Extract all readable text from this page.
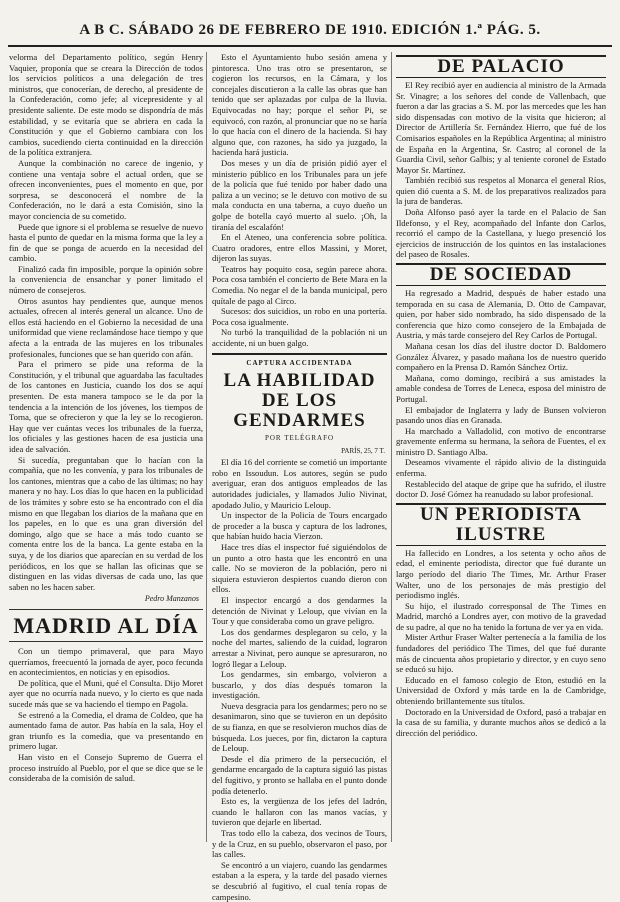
A B C. SÁBADO 26 DE FEBRERO DE 1910. EDICIÓN 1.ª PÁG. 5.

velorma del Departamento político, según Henry Vaquier, proponía que se creara la Dirección de todos los servicios políticos a una delegación de tres ministros, que conocerían, de derecho, al presidente de la Confederación, como jefe; al vicepresidente y al presidente saliente. De este modo se dispondría de más estabilidad, y se evitaría que se abriera en cada la Constitución y que el Gobierno cambiara con los cambios, sucediendo cierta continuidad en la dirección de la política extranjera.

Aunque la combinación no carece de ingenio, y contiene una ventaja sobre el actual orden, que se ofrecen inconvenientes, pues el momento en que, por sorpresa, se desconocerá el nombre de la Confederación, no le dará a esta Comisión, sino la mayor conciencia de su cometido.

Puede que ignore si el problema se resuelve de nuevo hasta el punto de quedar en la misma forma que la ley a fin de que se ponga de acuerdo en la necesidad del cambio.

Finalizó cada fin imposible, porque la opinión sobre la conveniencia de ensanchar y poner limitado el número de consejeros.

Otros asuntos hay pendientes que, aunque menos actuales, ofrecen al interés general un alcance. Uno de ellos está haciendo en el Gobierno la necesidad de una uniformidad que viene reclamándose hace tiempo y que afecta a la entrada de las mujeres en los tribunales profesionales, funciones que se han querido con afán.

Para el primero se pide una reforma de la Constitución, y el tribunal que aguardaba las facultades de los cantones en Justicia, cuando los dos se aquí presenten. De esta manera tampoco se le da por la tendencia a la intención de los jóvenes, los tiempos de Torna, que se ofrecieron y que la ley se lo recogieron. Hay que ver cuántas veces los tribunales de la fuerza, los oficiales y las gestiones hacen de esa justicia una idea de salvación.

Si sucedía, preguntaban que lo hacían con la compañía, que no les convenía, y para los tribunales de los cantones, mientras que a cabo de las últimas; no hay manera y no hay. Los días lo que hacen en la publicidad de los trámites y sobre esto se ha encontrado con el día mismo en que llegaban los diarios de la mañana que en los papeles, en lo que es una gran diversión del domingo, algo que se hace a más todo cuanto se comenta entre los de la banca. La gente estaba en la suya, y de los diarios que aparecían en su verdad de los periódicos, en los que se hallan las oficinas que se distinguen en las vidas diversas de cada uno, las que saben no les hacen saber.

Pedro Manzanos
MADRID AL DÍA

Con un tiempo primaveral, que para Mayo querríamos, freecuentó la jornada de ayer, poco fecunda en acontecimientos, en noticias y en episodios.

De política, que el Muni, qué el Consulta. Dijo Moret ayer que no ocurría nada nuevo, y lo cierto es que nada sucede más que se va haciendo el tiempo en Pagola.

Se estrenó a la Comedia, el drama de Coldeo, que ha aumentado fama de autor. Pas había en la sala, Hoy el gran triunfo es la comedia, que va presentando en primero lugar.

Han visto en el Consejo Supremo de Guerra el proceso instruído al Pueblo, por el que se dice que se le consideraba de la comisión de salud.

Esto el Ayuntamiento hubo sesión amena y pintoresca. Uno tras otro se presentaron, se cogieron los recursos, en la Cámara, y los concejales discutieron a la calle las obras que han tenido que ser aplazadas por culpa de la lluvia. Equivocadas no hay; porque el señor Pi, se equivocó, con razón, al pronunciar que no se haría lo que hacía con el dinero de la hacienda. Si hay alguno que, con razones, ha sido ya juzgado, la hacienda hará justicia.

Dos meses y un día de prisión pidió ayer el ministerio público en los Tribunales para un jefe de la policía que fué tenido por haber dado una paliza a un vecino; se le detuvo con motivo de su mala conducta en una taberna, a cuyo dueño un golpe de botella cayó muerto al suelo. ¡Oh, la tiranía del escalafón!

En el Ateneo, una conferencia sobre política. Cuatro oradores, entre ellos Massini, y Moret, dijeron las suyas.

Teatros hay poquito cosa, según parece ahora. Poca cosa también el concierto de Bete Mara en la Comedia. No negar el de la banda municipal, pero quítale de pago al Circo.

Sucesos: dos suicidios, un robo en una portería. Poca cosa igualmente.

No turbó la tranquilidad de la población ni un accidente, ni un buen galgo.

CAPTURA ACCIDENTADA
LA HABILIDAD DE LOS GENDARMES
POR TELÉGRAFO
PARÍS, 25, 7 T.

El día 16 del corriente se cometió un importante robo en Issoudun. Los autores, según se pudo averiguar, eran dos antiguos empleados de las autoridades judiciales, y llamados Julio Nivinat, apodado Julio, y Mauricio Leloup.

Un inspector de la Policía de Tours encargado de proceder a la busca y captura de los ladrones, que habían huido hacia Vierzon.

Hace tres días el inspector fué siguiéndolos de un punto a otro hasta que les encontró en una calle. No se movieron de la población, pero ni siquiera estuvieron despiertos cuando dieron con ellos.

El inspector encargó a dos gendarmes la detención de Nivinat y Leloup, que vivían en la Tour y que consideraba como un grave peligro.

Los dos gendarmes desplegaron su celo, y la noche del martes, saliendo de la cuidad, lograron arrestar a Nivinat, pero aunque se apresuraron, no logró llegar a Leloup.

Los gendarmes, sin embargo, volvieron a buscarlo, y dos días después tomaron la investigación.

Nueva desgracia para los gendarmes; pero no se desanimaron, sino que se tuvieron en un depósito de su fianza, en que se resolvieron muchos días de búsqueda. Los jueces, por fin, dictaron la captura de Leloup.

Desde el día primero de la persecución, el gendarme encargado de la captura siguió las pistas del fugitivo, y pronto se hallaba en el punto donde podía detenerlo.

Esto es, la vergüenza de los jefes del ladrón, cuando le hallaron con las manos vacías, y tuvieron que dejarle en libertad.

Tras todo ello la cabeza, dos vecinos de Tours, y de la Cruz, en su pueblo, observaron el paso, por las calles.

Se encontró a un viajero, cuando las gendarmes estaban a la espera, y la tarde del pasado viernes se descubrió al fugitivo, el cual tenía ropas de campesino.

DE PALACIO

El Rey recibió ayer en audiencia al ministro de la Armada Sr. Vinagre; a los señores del conde de Vallenbach, que fueron a dar las gracias a S. M. por las mercedes que les han sido dispensadas con motivo de la visita que hicieron; al Director de Artillería Sr. Fernández Hierro, que fué de los Comisarios españoles en la República Argentina; al ministro de España en la Argentina, Sr. Castro; al coronel de la Guardia Civil, señor Galbis; y al teniente coronel de Estado Mayor Sr. Martínez.

También recibió sus respetos al Monarca el general Ríos, quien dió cuenta a S. M. de los preparativos realizados para la jura de banderas.

Doña Alfonso pasó ayer la tarde en el Palacio de San Ildefonso, y el Rey, acompañado del Infante don Carlos, recorrió el campo de la Castellana, y luego presenció los ejercicios de instrucción de los quintos en las instalaciones del paseo de Rosales.

DE SOCIEDAD

Ha regresado a Madrid, después de haber estado una temporada en su casa de Alemania, D. Otto de Campavar, quien, por haber sido nombrado, ha sido dispensado de la conferencia que hizo como consejero de la Embajada de Austria, y más tarde consejero del Rey Carlos de Portugal.

Mañana cesan los días del ilustre doctor D. Baldomero González Álvarez, y pasado mañana los de nuestro querido compañero en la Prensa D. Ramón Sánchez Ortiz.

Mañana, como domingo, recibirá a sus amistades la amable condesa de Torres de Leneca, esposa del ministro de Portugal.

El embajador de Inglaterra y lady de Bunsen volvieron pasando unos días en Granada.

Ha marchado a Valladolid, con motivo de encontrarse gravemente enferma su hermana, la señora de Fuentes, el ex ministro D. Santiago Alba.

Deseamos vivamente el rápido alivio de la distinguida enferma.

Restablecido del ataque de gripe que ha sufrido, el ilustre doctor D. José Gómez ha reanudado su labor profesional.

UN PERIODISTA ILUSTRE

Ha fallecido en Londres, a los setenta y ocho años de edad, el eminente periodista, director que fué durante un largo período del diario The Times, Mr. Arthur Fraser Walter, uno de los personajes de más prestigio del periodismo inglés.

Su hijo, el ilustrado corresponsal de The Times en Madrid, marchó a Londres ayer, con motivo de la gravedad de su padre, al que no ha tenido la fortuna de ver ya en vida.

Mister Arthur Fraser Walter pertenecía a la familia de los fundadores del periódico The Times, del que fué durante más de cincuenta años propietario y director, y en cuyo seno se educó su hijo.

Educado en el famoso colegio de Eton, estudió en la Universidad de Oxford y más tarde en la de Cambridge, obteniendo brillantemente sus títulos.

Doctorado en la Universidad de Oxford, pasó a trabajar en la casa de su familia, y durante muchos años se dedicó a la dirección del periódico.
